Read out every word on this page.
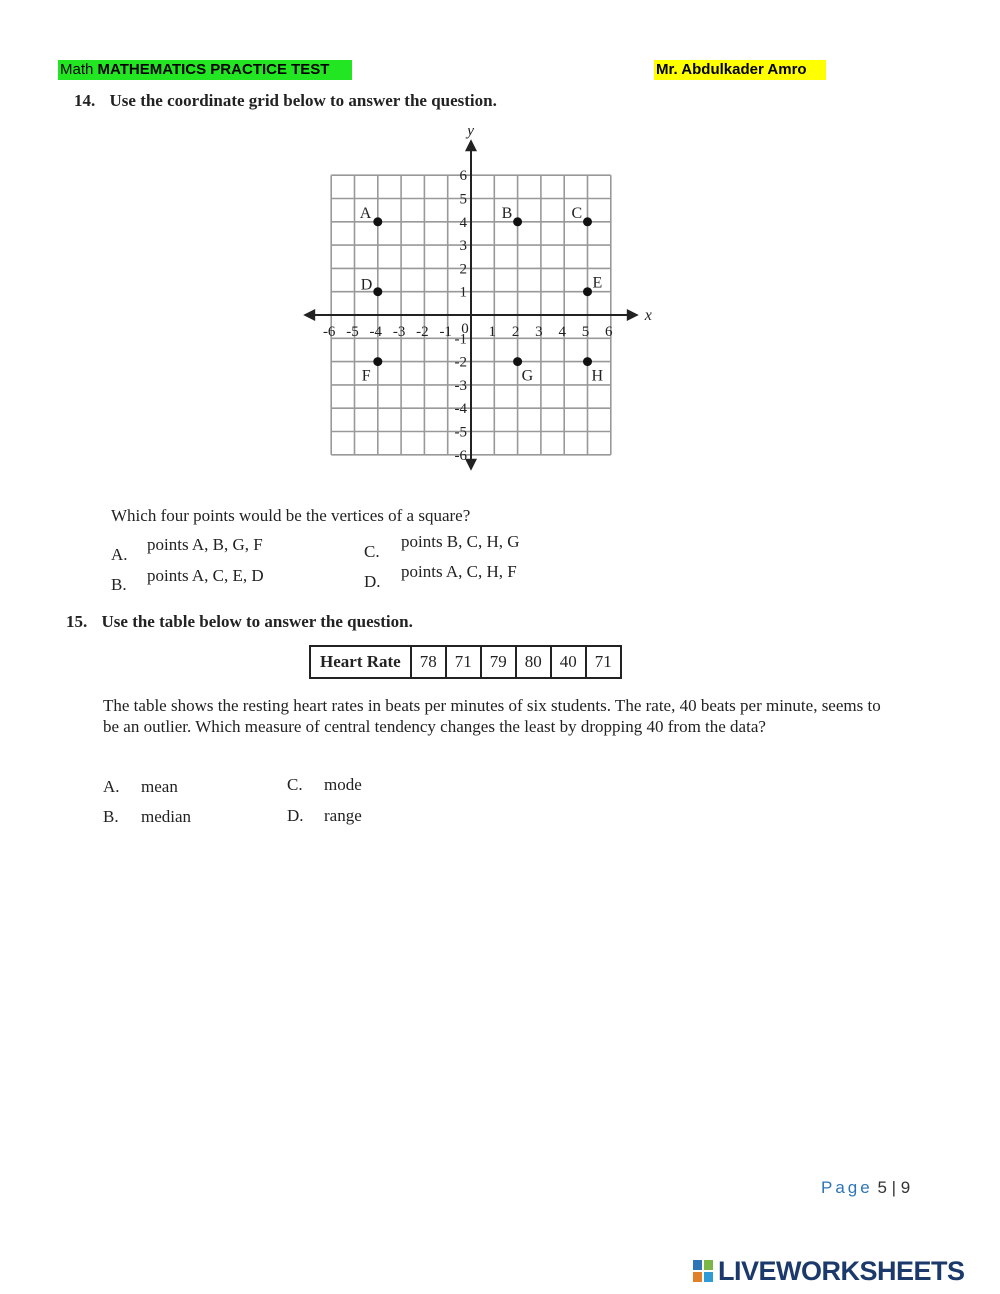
Math MATHEMATICS PRACTICE TEST	Mr. Abdulkader Amro
14. Use the coordinate grid below to answer the question.
x
y
-6 -5 -4 -3 -2 -1 0 1 2 3 4 5 6
6
5
4
3
2
1
-1
-2
-3
-4
-5
-6
A	B	C
D	E
F	G	H
Which four points would be the vertices of a square?
A.
points A, B, G, F
B. points A, C, E, D
C.
points B, C, H, G
D.
points A, C, H, F
15. Use the table below to answer the question.
Heart Rate	78	71	79	80	40	71
The table shows the resting heart rates in beats per minutes of six students. The rate, 40 beats per minute, seems to be an outlier. Which measure of central tendency changes the least by dropping 40 from the data?
A. mean
B. median
C. mode
D. range
Page 5 | 9
LIVEWORKSHEETS
